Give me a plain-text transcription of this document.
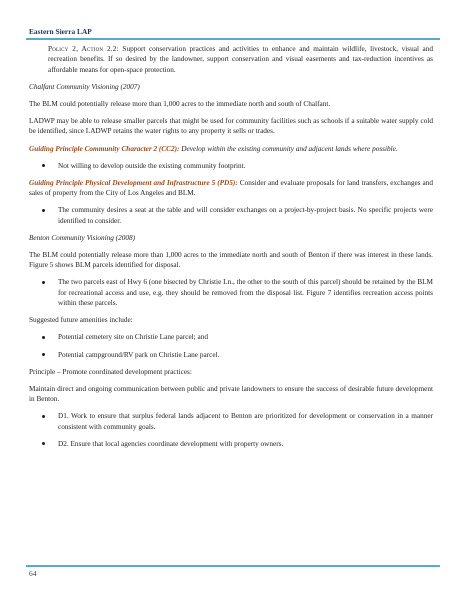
Eastern Sierra LAP

Policy 2, Action 2.2: Support conservation practices and activities to enhance and maintain wildlife, livestock, visual and recreation benefits. If so desired by the landowner, support conservation and visual easements and tax-reduction incentives as affordable means for open-space protection.

Chalfant Community Visioning (2007)

The BLM could potentially release more than 1,000 acres to the immediate north and south of Chalfant.

LADWP may be able to release smaller parcels that might be used for community facilities such as schools if a suitable water supply cold be identified, since LADWP retains the water rights to any property it sells or trades.

Guiding Principle Community Character 2 (CC2): Develop within the existing community and adjacent lands where possible.

Not willing to develop outside the existing community footprint.

Guiding Principle Physical Development and Infrastructure 5 (PD5): Consider and evaluate proposals for land transfers, exchanges and sales of property from the City of Los Angeles and BLM.

The community desires a seat at the table and will consider exchanges on a project-by-project basis. No specific projects were identified to consider.

Benton Community Visioning (2008)

The BLM could potentially release more than 1,000 acres to the immediate north and south of Benton if there was interest in these lands. Figure 5 shows BLM parcels identified for disposal.

The two parcels east of Hwy 6 (one bisected by Christie Ln., the other to the south of this parcel) should be retained by the BLM for recreational access and use, e.g. they should be removed from the disposal list. Figure 7 identifies recreation access points within these parcels.

Suggested future amenities include:

Potential cemetery site on Christie Lane parcel; and
Potential campground/RV park on Christie Lane parcel.

Principle – Promote coordinated development practices:

Maintain direct and ongoing communication between public and private landowners to ensure the success of desirable future development in Benton.

D1. Work to ensure that surplus federal lands adjacent to Benton are prioritized for development or conservation in a manner consistent with community goals.
D2. Ensure that local agencies coordinate development with property owners.
64
